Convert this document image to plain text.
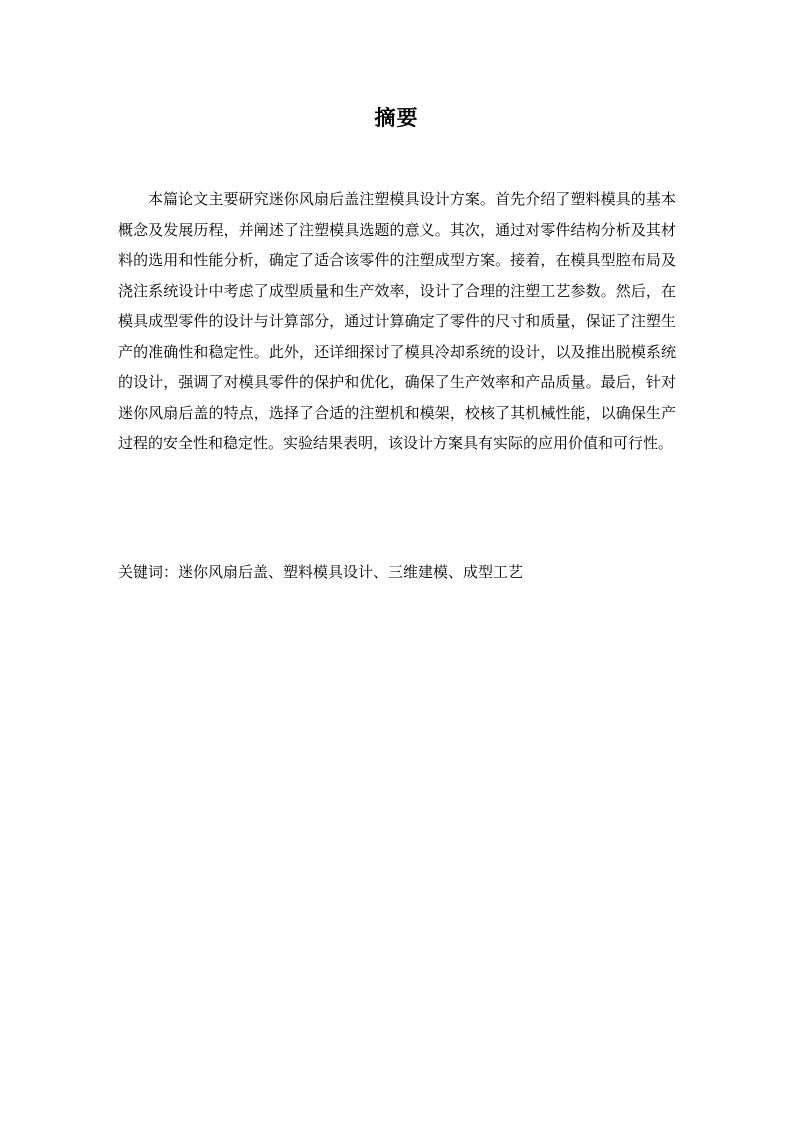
摘要

本篇论文主要研究迷你风扇后盖注塑模具设计方案。首先介绍了塑料模具的基本概念及发展历程，并阐述了注塑模具选题的意义。其次，通过对零件结构分析及其材料的选用和性能分析，确定了适合该零件的注塑成型方案。接着，在模具型腔布局及浇注系统设计中考虑了成型质量和生产效率，设计了合理的注塑工艺参数。然后，在模具成型零件的设计与计算部分，通过计算确定了零件的尺寸和质量，保证了注塑生产的准确性和稳定性。此外，还详细探讨了模具冷却系统的设计，以及推出脱模系统的设计，强调了对模具零件的保护和优化，确保了生产效率和产品质量。最后，针对迷你风扇后盖的特点，选择了合适的注塑机和模架，校核了其机械性能，以确保生产过程的安全性和稳定性。实验结果表明，该设计方案具有实际的应用价值和可行性。

关键词：迷你风扇后盖、塑料模具设计、三维建模、成型工艺
